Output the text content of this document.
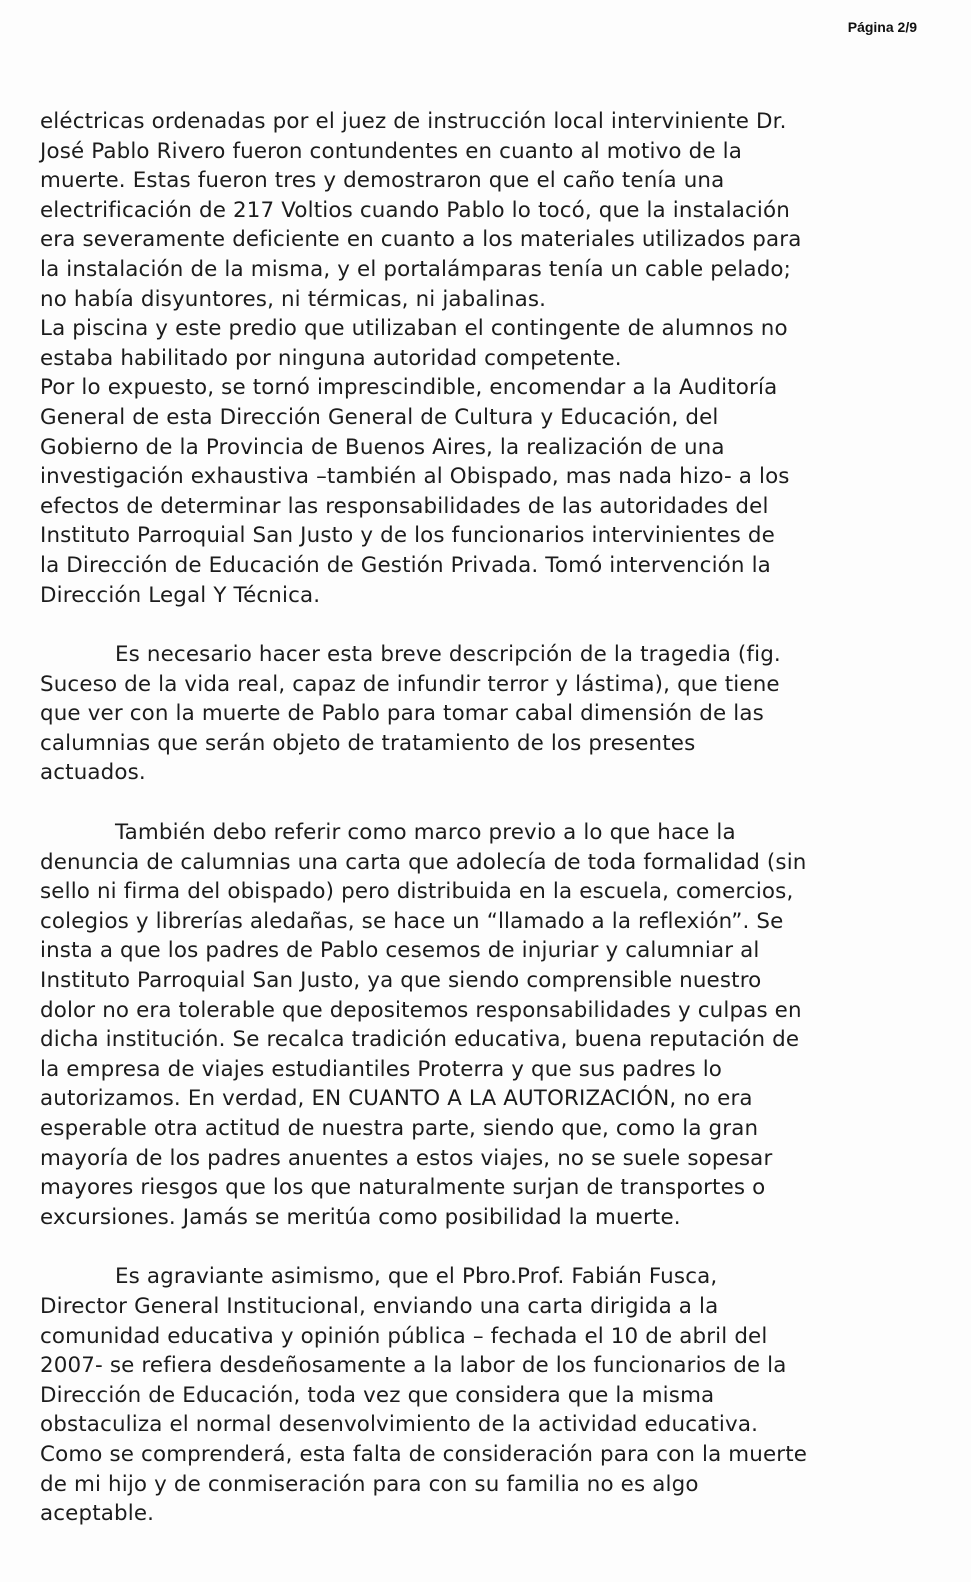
Página 2/9
eléctricas ordenadas por el juez de instrucción local interviniente Dr.
José Pablo Rivero fueron contundentes en cuanto al motivo de la
muerte. Estas fueron tres y demostraron que el caño tenía una
electrificación de 217 Voltios cuando Pablo lo tocó, que la instalación
era severamente deficiente en cuanto a los materiales utilizados para
la instalación de la misma, y el portalámparas tenía un cable pelado;
no había disyuntores, ni térmicas, ni jabalinas.
La piscina y este predio que utilizaban el contingente de alumnos no
estaba habilitado por ninguna autoridad competente.
Por lo expuesto, se tornó imprescindible, encomendar a la Auditoría
General de esta Dirección General de Cultura y Educación, del
Gobierno de la Provincia de Buenos Aires, la realización de una
investigación exhaustiva –también al Obispado, mas nada hizo- a los
efectos de determinar las responsabilidades de las autoridades del
Instituto Parroquial San Justo y de los funcionarios intervinientes de
la Dirección de Educación de Gestión Privada. Tomó intervención la
Dirección Legal Y Técnica.
Es necesario hacer esta breve descripción de la tragedia (fig.
Suceso de la vida real, capaz de infundir terror y lástima), que tiene
que ver con la muerte de Pablo para tomar cabal dimensión de las
calumnias que serán objeto de tratamiento de los presentes
actuados.
También debo referir como marco previo a lo que hace la
denuncia de calumnias una carta que adolecía de toda formalidad (sin
sello ni firma del obispado) pero distribuida en la escuela, comercios,
colegios y librerías aledañas, se hace un “llamado a la reflexión”. Se
insta a que los padres de Pablo cesemos de injuriar y calumniar al
Instituto Parroquial San Justo, ya que siendo comprensible nuestro
dolor no era tolerable que depositemos responsabilidades y culpas en
dicha institución. Se recalca tradición educativa, buena reputación de
la empresa de viajes estudiantiles Proterra y que sus padres lo
autorizamos. En verdad, EN CUANTO A LA AUTORIZACIÓN, no era
esperable otra actitud de nuestra parte, siendo que, como la gran
mayoría de los padres anuentes a estos viajes, no se suele sopesar
mayores riesgos que los que naturalmente surjan de transportes o
excursiones. Jamás se meritúa como posibilidad la muerte.
Es agraviante asimismo, que el Pbro.Prof. Fabián Fusca,
Director General Institucional, enviando una carta dirigida a la
comunidad educativa y opinión pública – fechada el 10 de abril del
2007- se refiera desdeñosamente a la labor de los funcionarios de la
Dirección de Educación, toda vez que considera que la misma
obstaculiza el normal desenvolvimiento de la actividad educativa.
Como se comprenderá, esta falta de consideración para con la muerte
de mi hijo y de conmiseración para con su familia no es algo
aceptable.
